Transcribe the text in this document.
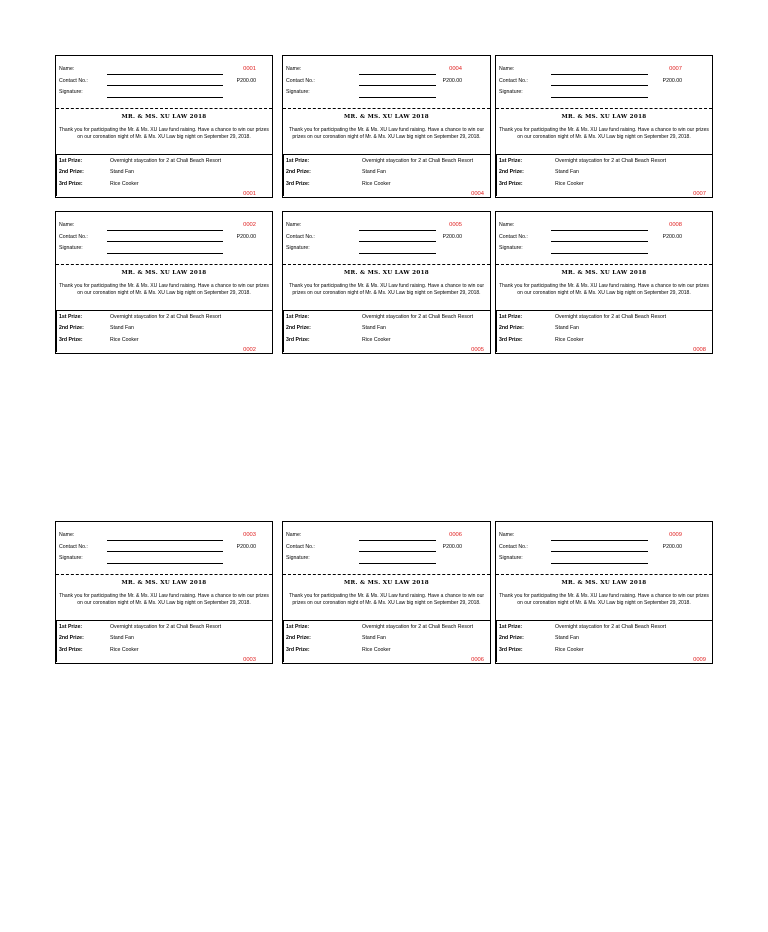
Name:	0001
Contact No.:	P200.00
Signature:
MR. & MS. XU LAW 2018
Thank you for participating the Mr. & Ms. XU Law fund raising. Have a chance to win our prizes on our coronation night of Mr. & Ms. XU Law big night on September 29, 2018.
1st Prize:	Overnight staycation for 2 at Chali Beach Resort
2nd Prize:	Stand Fan
3rd Prize:	Rice Cooker
0001
Name:	0002
Contact No.:	P200.00
Signature:
MR. & MS. XU LAW 2018
Thank you for participating the Mr. & Ms. XU Law fund raising. Have a chance to win our prizes on our coronation night of Mr. & Ms. XU Law big night on September 29, 2018.
1st Prize:	Overnight staycation for 2 at Chali Beach Resort
2nd Prize:	Stand Fan
3rd Prize:	Rice Cooker
0002
Name:	0003
Contact No.:	P200.00
Signature:
MR. & MS. XU LAW 2018
Thank you for participating the Mr. & Ms. XU Law fund raising. Have a chance to win our prizes on our coronation night of Mr. & Ms. XU Law big night on September 29, 2018.
1st Prize:	Overnight staycation for 2 at Chali Beach Resort
2nd Prize:	Stand Fan
3rd Prize:	Rice Cooker
0003
Name:	0004
Contact No.:	P200.00
Signature:
MR. & MS. XU LAW 2018
Thank you for participating the Mr. & Ms. XU Law fund raising. Have a chance to win our prizes on our coronation night of Mr. & Ms. XU Law big night on September 29, 2018.
1st Prize:	Overnight staycation for 2 at Chali Beach Resort
2nd Prize:	Stand Fan
3rd Prize:	Rice Cooker
0004
Name:	0005
Contact No.:	P200.00
Signature:
MR. & MS. XU LAW 2018
Thank you for participating the Mr. & Ms. XU Law fund raising. Have a chance to win our prizes on our coronation night of Mr. & Ms. XU Law big night on September 29, 2018.
1st Prize:	Overnight staycation for 2 at Chali Beach Resort
2nd Prize:	Stand Fan
3rd Prize:	Rice Cooker
0005
Name:	0006
Contact No.:	P200.00
Signature:
MR. & MS. XU LAW 2018
Thank you for participating the Mr. & Ms. XU Law fund raising. Have a chance to win our prizes on our coronation night of Mr. & Ms. XU Law big night on September 29, 2018.
1st Prize:	Overnight staycation for 2 at Chali Beach Resort
2nd Prize:	Stand Fan
3rd Prize:	Rice Cooker
0006
Name:	0007
Contact No.:	P200.00
Signature:
MR. & MS. XU LAW 2018
Thank you for participating the Mr. & Ms. XU Law fund raising. Have a chance to win our prizes on our coronation night of Mr. & Ms. XU Law big night on September 29, 2018.
1st Prize:	Overnight staycation for 2 at Chali Beach Resort
2nd Prize:	Stand Fan
3rd Prize:	Rice Cooker
0007
Name:	0008
Contact No.:	P200.00
Signature:
MR. & MS. XU LAW 2018
Thank you for participating the Mr. & Ms. XU Law fund raising. Have a chance to win our prizes on our coronation night of Mr. & Ms. XU Law big night on September 29, 2018.
1st Prize:	Overnight staycation for 2 at Chali Beach Resort
2nd Prize:	Stand Fan
3rd Prize:	Rice Cooker
0008
Name:	0009
Contact No.:	P200.00
Signature:
MR. & MS. XU LAW 2018
Thank you for participating the Mr. & Ms. XU Law fund raising. Have a chance to win our prizes on our coronation night of Mr. & Ms. XU Law big night on September 29, 2018.
1st Prize:	Overnight staycation for 2 at Chali Beach Resort
2nd Prize:	Stand Fan
3rd Prize:	Rice Cooker
0009
